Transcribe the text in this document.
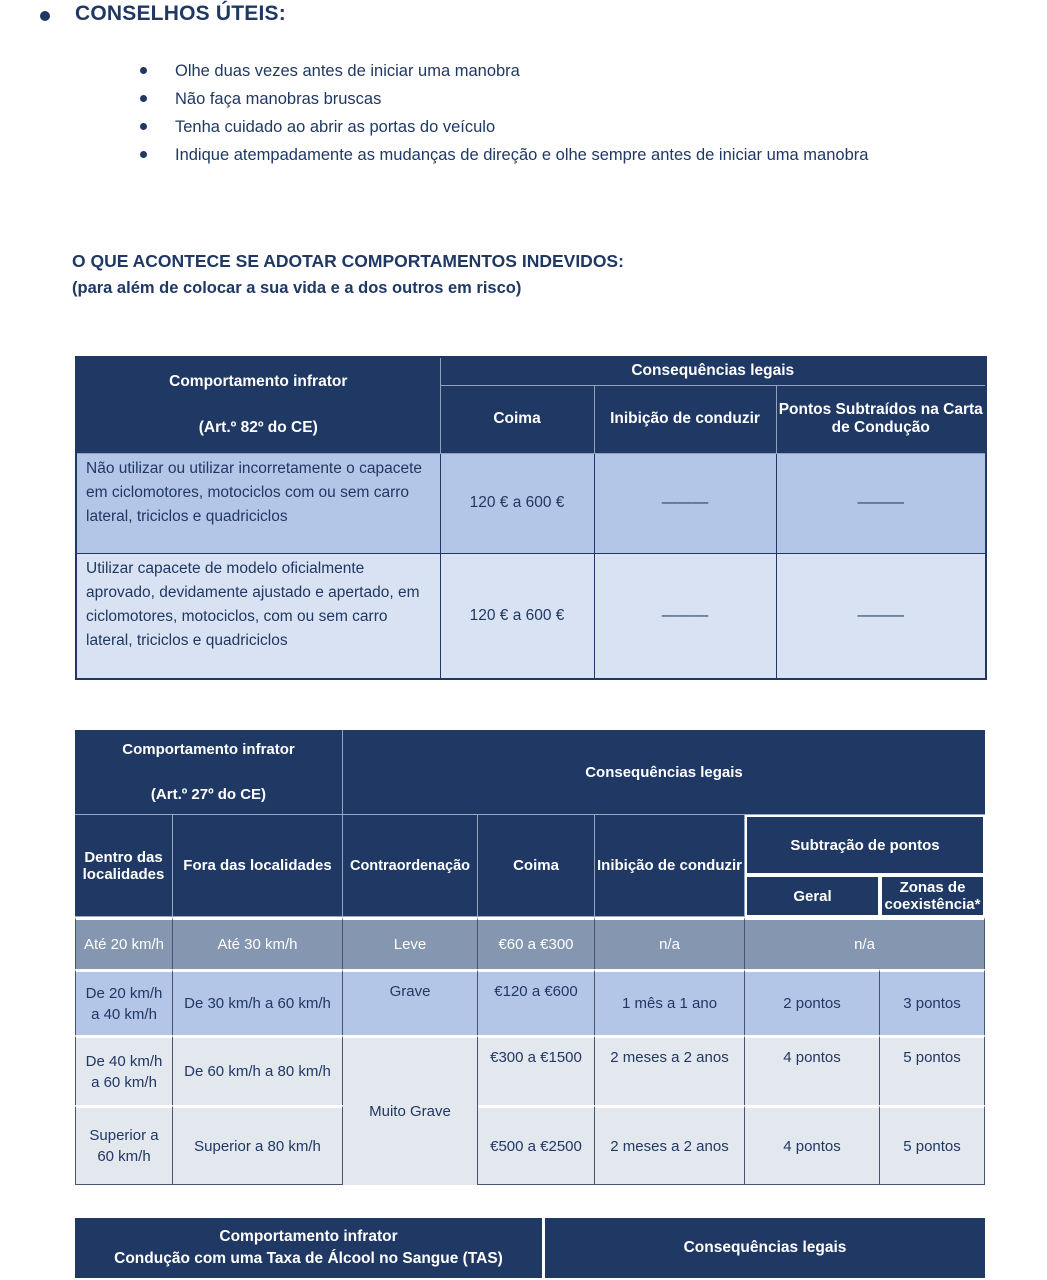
CONSELHOS ÚTEIS:
Olhe duas vezes antes de iniciar uma manobra
Não faça manobras bruscas
Tenha cuidado ao abrir as portas do veículo
Indique atempadamente as mudanças de direção e olhe sempre antes de iniciar uma manobra
O QUE ACONTECE SE ADOTAR COMPORTAMENTOS INDEVIDOS:
(para além de colocar a sua vida e a dos outros em risco)
Comportamento infrator
(Art.º 82º do CE)	Consequências legais		
	Coima	Inibição de conduzir	Pontos Subtraídos na Carta de Condução
Não utilizar ou utilizar incorretamente o capacete em ciclomotores, motociclos com ou sem carro lateral, triciclos e quadriciclos	120 € a 600 €	———	———
Utilizar capacete de modelo oficialmente aprovado, devidamente ajustado e apertado, em ciclomotores, motociclos, com ou sem carro lateral, triciclos e quadriciclos	120 € a 600 €	———	———
Comportamento infrator
(Art.º 27º do CE)		Consequências legais				
Dentro das localidades	Fora das localidades	Contraordenação	Coima	Inibição de conduzir	Subtração de pontos	
					Geral	Zonas de coexistência*
Até 20 km/h	Até 30 km/h	Leve	€60 a €300	n/a	n/a	
De 20 km/h a 40 km/h	De 30 km/h a 60 km/h	Grave	€120 a €600	1 mês a 1 ano	2 pontos	3 pontos
De 40 km/h a 60 km/h	De 60 km/h a 80 km/h	Muito Grave	€300 a €1500	2 meses a 2 anos	4 pontos	5 pontos
Superior a 60 km/h	Superior a 80 km/h		€500 a €2500	2 meses a 2 anos	4 pontos	5 pontos
Comportamento infrator
Condução com uma Taxa de Álcool no Sangue (TAS)
	Consequências legais
